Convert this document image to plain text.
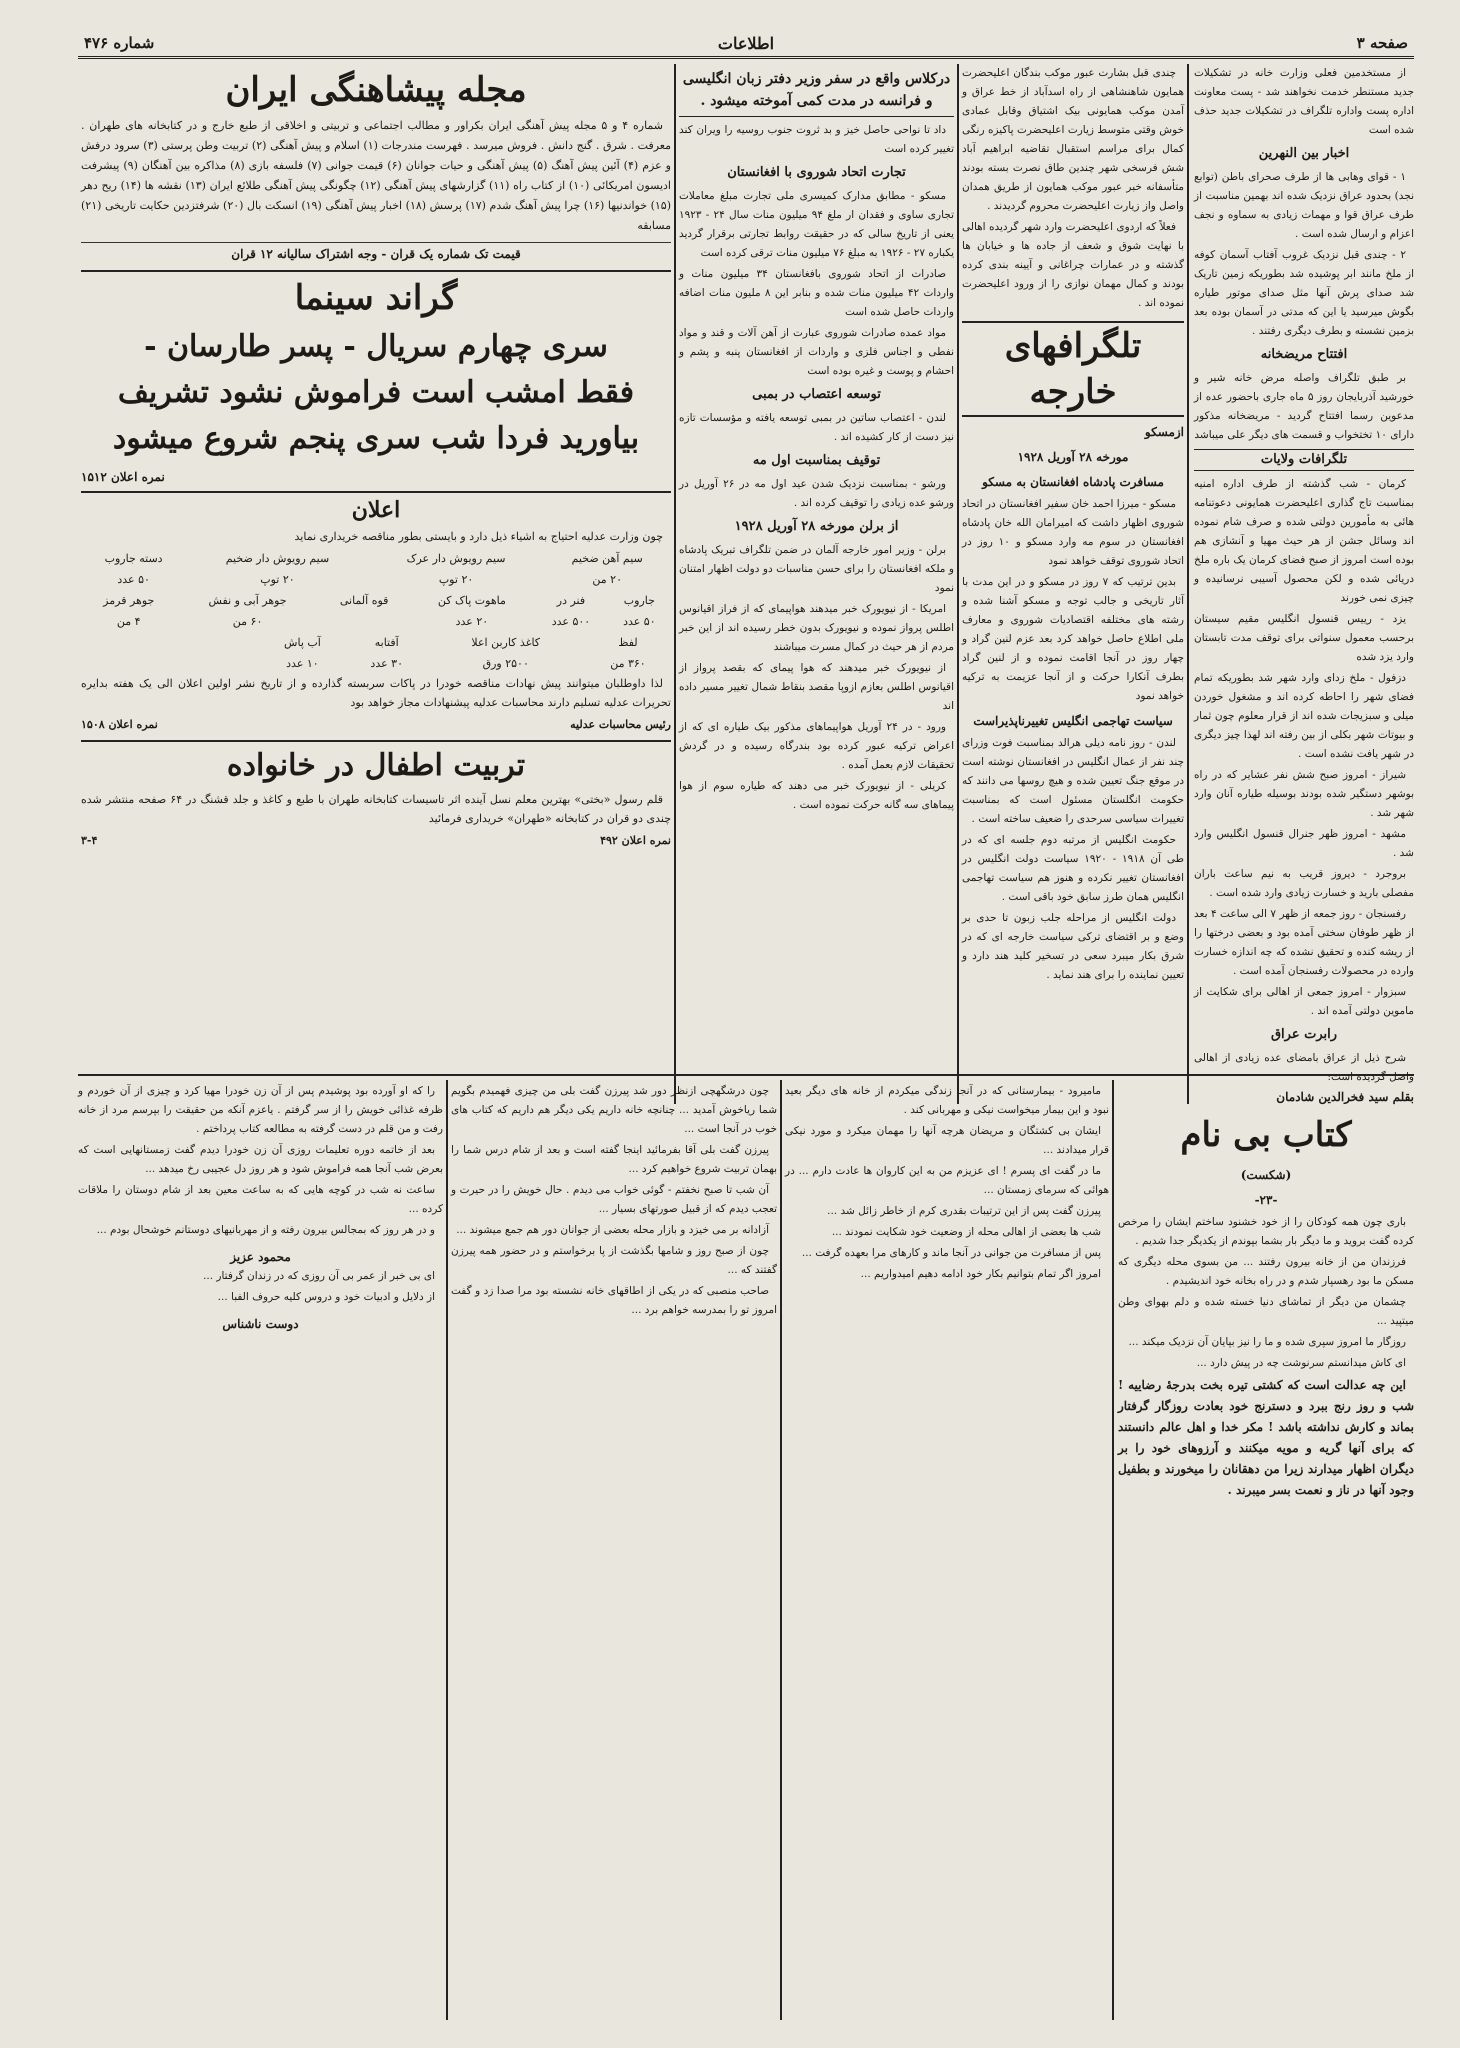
صفحه ۳
اطلاعات
شماره ۴۷۶

از مستخدمین فعلی وزارت خانه در تشکیلات جدید مستنطر خدمت نخواهند شد - پست معاونت اداره پست واداره تلگراف در تشکیلات جدید حذف شده است

اخبار بین النهرین

۱ - قوای وهابی ها از طرف صحرای باطن (توابع نجد) بحدود عراق نزدیک شده اند بهمین مناسبت از طرف عراق قوا و مهمات زیادی به سماوه و نجف اعزام و ارسال شده است .

۲ - چندی قبل نزدیک غروب آفتاب آسمان کوفه از ملخ مانند ابر پوشیده شد بطوریکه زمین تاریک شد صدای پرش آنها مثل صدای موتور طیاره بگوش میرسید یا این که مدتی در آسمان بوده بعد بزمین نشسته و بطرف دیگری رفتند .

افتتاح مریضخانه

بر طبق تلگراف واصله مرض خانه شیر و خورشید آذربایجان روز ۵ ماه جاری باحضور عده از مدعوین رسما افتتاح گردید - مریضخانه مذکور دارای ۱۰ تختخواب و قسمت های دیگر علی میباشد

تلگرافات ولایات

کرمان - شب گذشته از طرف اداره امنیه بمناسبت تاج گذاری اعلیحضرت همایونی دعوتنامه هائی به مأمورین دولتی شده و صرف شام نموده اند وسائل جشن از هر حیث مهیا و آنشازی هم بوده است امروز از صبح فضای کرمان یک باره ملخ دریائی شده و لکن محصول آسیبی نرسانیده و چیزی نمی خورند

یزد - رییس قنسول انگلیس مقیم سیستان برحسب معمول سنواتی برای توقف مدت تابستان وارد یزد شده

دزفول - ملخ زدای وارد شهر شد بطوریکه تمام فضای شهر را احاطه کرده اند و مشغول خوردن میلی و سبزیجات شده اند از قرار معلوم چون ثمار و بیوتات شهر بکلی از بین رفته اند لهذا چیز دیگری در شهر یافت نشده است .

شیراز - امروز صبح شش نفر عشایر که در راه بوشهر دستگیر شده بودند بوسیله طیاره آنان وارد شهر شد .

مشهد - امروز ظهر جنرال قنسول انگلیس وارد شد .

بروجرد - دیروز قریب به نیم ساعت باران مفصلی بارید و خسارت زیادی وارد شده است .

رفسنجان - روز جمعه از ظهر ۷ الی ساعت ۴ بعد از ظهر طوفان سختی آمده بود و بعضی درختها را از ریشه کنده و تحقیق نشده که چه اندازه خسارت وارده در محصولات رفسنجان آمده است .

سبزوار - امروز جمعی از اهالی برای شکایت از ماموین دولتی آمده اند .

رابرت عراق

شرح ذیل از عراق بامضای عده زیادی از اهالی واصل گردیده است:

چندی قبل بشارت عبور موکب بندگان اعلیحضرت همایون شاهنشاهی از راه اسدآباد از خط عراق و آمدن موکب همایونی بیک اشتیاق وقابل عمادی خوش وقتی متوسط زیارت اعلیحضرت پاکیزه رنگی کمال برای مراسم استقبال تقاضیه ابراهیم آباد شش فرسخی شهر چندین طاق نصرت بسته بودند متأسفانه خبر عبور موکب همایون از طریق همدان واصل واز زیارت اعلیحضرت محروم گردیدند .

فعلاً که اردوی اعلیحضرت وارد شهر گردیده اهالی با نهایت شوق و شعف از جاده ها و خیابان ها گذشته و در عمارات چراغانی و آیینه بندی کرده بودند و کمال مهمان نوازی را از ورود اعلیحضرت نموده اند .

تلگرافهای خارجه
ازمسکو
مورخه ۲۸ آوریل ۱۹۲۸
مسافرت پادشاه افغانستان به مسکو

مسکو - میرزا احمد خان سفیر افغانستان در اتحاد شوروی اظهار داشت که امیرامان الله خان پادشاه افغانستان در سوم مه وارد مسکو و ۱۰ روز در اتحاد شوروی توقف خواهد نمود

بدین ترتیب که ۷ روز در مسکو و در این مدت با آثار تاریخی و جالب توجه و مسکو آشنا شده و رشته های مختلفه اقتصادیات شوروی و معارف ملی اطلاع حاصل خواهد کرد بعد عزم لنین گراد و چهار روز در آنجا اقامت نموده و از لنین گراد بطرف آنکارا حرکت و از آنجا عزیمت به ترکیه خواهد نمود

سیاست تهاجمی انگلیس تغییرناپذیراست

لندن - روز نامه دیلی هرالد بمناسبت فوت وزرای چند نفر از عمال انگلیس در افغانستان نوشته است در موقع جنگ تعیین شده و هیچ روسها می دانند که حکومت انگلستان مسئول است که بمناسبت تغییرات سیاسی سرحدی را ضعیف ساخته است .

حکومت انگلیس از مرتبه دوم جلسه ای که در طی آن ۱۹۱۸ - ۱۹۲۰ سیاست دولت انگلیس در افغانستان تغییر نکرده و هنوز هم سیاست تهاجمی انگلیس همان طرز سابق خود باقی است .

دولت انگلیس از مراحله جلب زبون تا حدی بر وضع و بر اقتضای ترکی سیاست خارجه ای که در شرق بکار میبرد سعی در تسخیر کلید هند دارد و تعیین نماینده را برای هند نماید .

درکلاس واقع در سفر وزیر دفتر زبان انگلیسی و فرانسه در مدت کمی آموخته میشود .

داد تا نواحی حاصل خیز و بد ثروت جنوب روسیه را ویران کند تغییر کرده است

تجارت اتحاد شوروی با افغانستان

مسکو - مطابق مدارک کمیسری ملی تجارت مبلغ معاملات تجاری ساوی و فقدان ار ملغ ۹۴ میلیون منات سال ۲۴ - ۱۹۲۳ یعنی از تاریخ سالی که در حقیقت روابط تجارتی برقرار گردید یکباره ۲۷ - ۱۹۲۶ به مبلغ ۷۶ میلیون منات ترقی کرده است

صادرات از اتحاد شوروی بافغانستان ۳۴ میلیون منات و واردات ۴۲ میلیون منات شده و بنابر این ۸ ملیون منات اضافه واردات حاصل شده است

مواد عمده صادرات شوروی عبارت از آهن آلات و قند و مواد نفطی و اجناس فلزی و واردات از افغانستان پنبه و پشم و احشام و پوست و غیره بوده است

توسعه اعتصاب در بمبی

لندن - اعتصاب ساتین در بمبی توسعه یافته و مؤسسات تازه نیز دست از کار کشیده اند .

توقیف بمناسبت اول مه

ورشو - بمناسبت نزدیک شدن عید اول مه در ۲۶ آوریل در ورشو عده زیادی را توقیف کرده اند .

از برلن مورخه ۲۸ آوریل ۱۹۲۸

برلن - وزیر امور خارجه آلمان در ضمن تلگراف تبریک پادشاه و ملکه افغانستان را برای حسن مناسبات دو دولت اظهار امتنان نمود

امریکا - از نیویورک خبر میدهند هواپیمای که از فراز اقیانوس اطلس پرواز نموده و نیویورک بدون خطر رسیده اند از این خبر مردم از هر حیث در کمال مسرت میباشند

از نیویورک خبر میدهند که هوا پیمای که بقصد پرواز از اقیانوس اطلس بعازم ازوپا مقصد بنقاط شمال تغییر مسیر داده اند

ورود - در ۲۴ آوریل هواپیماهای مذکور بیک طیاره ای که از اعراض ترکیه عبور کرده بود بندرگاه رسیده و در گردش تحقیقات لازم بعمل آمده .

کریلی - از نیویورک خبر می دهند که طیاره سوم از هوا پیماهای سه گانه حرکت نموده است .

مجله پیشاهنگی ایران

شماره ۴ و ۵ مجله پیش آهنگی ایران بکراور و مطالب اجتماعی و تربیتی و اخلاقی از طبع خارج و در کتابخانه های طهران . معرفت . شرق . گنج دانش . فروش میرسد . فهرست مندرجات (۱) اسلام و پیش آهنگی (۲) تربیت وطن پرستی (۳) سرود درفش و عزم (۴) آئین پیش آهنگ (۵) پیش آهنگی و حیات جوانان (۶) قیمت جوانی (۷) فلسفه بازی (۸) مذاکره بین آهنگان (۹) پیشرفت ادیسون امریکائی (۱۰) از کتاب راه (۱۱) گزارشهای پیش آهنگی (۱۲) چگونگی پیش آهنگی طلائع ایران (۱۳) نقشه ها (۱۴) ریح دهر (۱۵) خواندنیها (۱۶) چرا پیش آهنگ شدم (۱۷) پرسش (۱۸) اخبار پیش آهنگی (۱۹) انسکت بال (۲۰) شرفتزدین حکایت تاریخی (۲۱) مسابقه

قیمت تک شماره یک قران - وجه اشتراک سالیانه ۱۲ قران
گراند سینما
سری چهارم سریال - پسر طارسان -
فقط امشب است فراموش نشود تشریف
بیاورید فردا شب سری پنجم شروع میشود
نمره اعلان ۱۵۱۲
اعلان

چون وزارت عدلیه احتیاج به اشیاء ذیل دارد و بایستی بطور مناقصه خریداری نماید

سیم آهن ضخیم	سیم رویوش دار عرک	سیم رویوش دار ضخیم	دسته جاروب
۲۰ من	۲۰ توپ	۲۰ توپ	۵۰ عدد
جاروب	فنر در	ماهوت پاک کن	قوه آلمانی	جوهر آبی و نفش	جوهر قرمز
۵۰ عدد	۵۰۰ عدد	۲۰ عدد		۶۰ من	۴ من
لفظ	کاغذ کاربن اعلا	آفتابه	آب پاش
۳۶۰ من	۲۵۰۰ ورق	۳۰ عدد	۱۰ عدد

لذا داوطلبان میتوانند پیش نهادات مناقصه خودرا در پاکات سربسته گذارده و از تاریخ نشر اولین اعلان الی یک هفته بدایره تحریرات عدلیه تسلیم دارند محاسبات عدلیه پیشنهادات مجاز خواهد بود

رئیس محاسبات عدلیه
نمره اعلان ۱۵۰۸
تربیت اطفال در خانواده

قلم رسول «بختی» بهترین معلم نسل آینده اثر تاسیسات کتابخانه طهران با طبع و کاغذ و جلد قشنگ در ۶۴ صفحه منتشر شده چندی دو قران در کتابخانه «طهران» خریداری فرمائید

نمره اعلان ۴۹۲
۳-۴
بقلم سید فخرالدین شادمان
کتاب بی نام
(شکست)
-۲۳-

باری چون همه کودکان را از خود خشنود ساختم ایشان را مرخص کرده گفت بروید و ما دیگر بار بشما بپوندم از یکدیگر جدا شدیم .

فرزندان من از خانه بیرون رفتند ... من بسوی محله دیگری که مسکن ما بود رهسپار شدم و در راه بخانه خود اندیشیدم .

چشمان من دیگر از تماشای دنیا خسته شده و دلم بهوای وطن میتپید ...

روزگار ما امروز سپری شده و ما را نیز بپایان آن نزدیک میکند ...

ای کاش میدانستم سرنوشت چه در پیش دارد ...

این چه عدالت است که کشتی تیره بخت بدرجهٔ رضاییه ! شب و روز رنج ببرد و دسترنج خود بعادت روزگار گرفتار بماند و کارش نداشته باشد ! مکر خدا و اهل عالم دانستند که برای آنها گریه و مویه میکنند و آرزوهای خود را بر دیگران اظهار میدارند زیرا من دهقانان را میخورند و بطفیل وجود آنها در ناز و نعمت بسر میبرند .

مامیرود - بیمارستانی که در آنجا زندگی میکردم از خانه های دیگر بعید نبود و این بیمار میخواست نیکی و مهربانی کند .

ایشان بی کشتگان و مریضان هرچه آنها را مهمان میکرد و مورد نیکی قرار میدادند ...

ما در گفت ای پسرم ! ای عزیزم من به این کاروان ها عادت دارم ... در هوائی که سرمای زمستان ...

پیرزن گفت پس از این ترتیبات بقدری کرم از خاطر زائل شد ...

شب ها بعضی از اهالی محله از وضعیت خود شکایت نمودند ...

پس از مسافرت من جوانی در آنجا ماند و کارهای مرا بعهده گرفت ...

امروز اگر تمام بتوانیم بکار خود ادامه دهیم امیدواریم ...

چون درشگهچی ازنظر دور شد پیرزن گفت بلی من چیزی فهمیدم بگویم شما ریاخوش آمدید ... چنانچه خانه داریم یکی دیگر هم داریم که کتاب های خوب در آنجا است ...

پیرزن گفت بلی آقا بفرمائید اینجا گفته است و بعد از شام درس شما را بهمان تربیت شروع خواهیم کرد ...

آن شب تا صبح نخفتم - گوئی خواب می دیدم . حال خویش را در حیرت و تعجب دیدم که از قبیل صورتهای بسیار ...

آزادانه بر می خیزد و بازار محله بعضی از جوانان دور هم جمع میشوند ...

چون از صبح روز و شامها بگذشت از پا برخواستم و در حضور همه پیرزن گفتند که ...

صاحب منصبی که در یکی از اطاقهای خانه نشسته بود مرا صدا زد و گفت امروز تو را بمدرسه خواهم برد ...

را که او آورده بود پوشیدم پس از آن زن خودرا مهیا کرد و چیزی از آن خوردم و ظرفه غذائی خویش را از سر گرفتم . یاعزم آنکه من حقیقت را بپرسم مرد از خانه رفت و من قلم در دست گرفته به مطالعه کتاب پرداختم .

بعد از خاتمه دوره تعلیمات روزی آن زن خودرا دیدم گفت زمستانهایی است که بعرض شب آنجا همه فراموش شود و هر روز دل عجیبی رخ میدهد ...

ساعت نه شب در کوچه هایی که به ساعت معین بعد از شام دوستان را ملاقات کرده ...

و در هر روز که بمجالس بیرون رفته و از مهربانیهای دوستانم خوشحال بودم ...

محمود عزیز

ای بی خبر از عمر بی آن روزی که در زندان گرفتار ...

از دلایل و ادبیات خود و دروس کلیه حروف الفبا ...

دوست ناشناس
